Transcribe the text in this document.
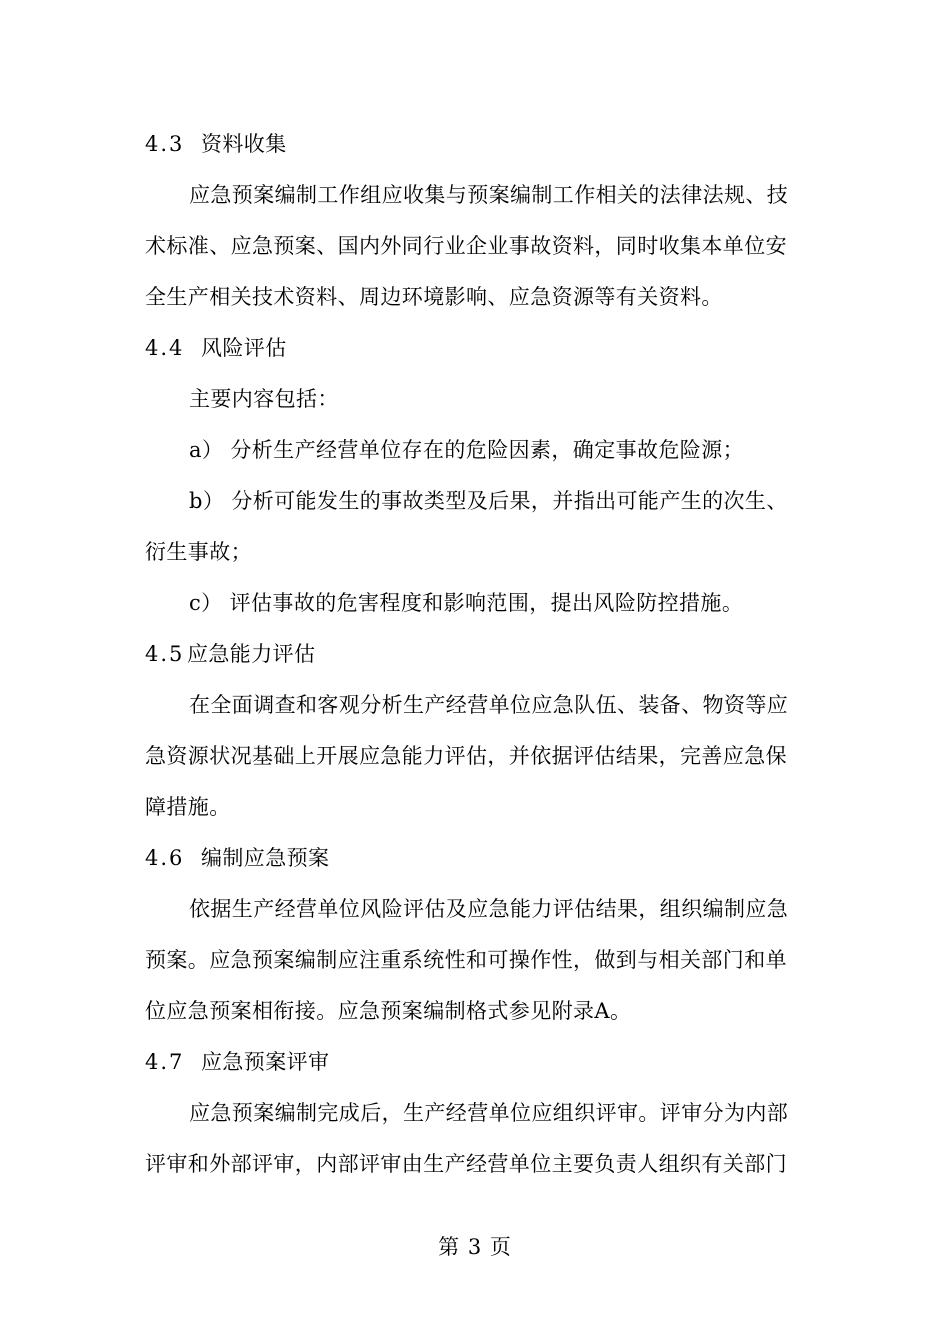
4.3 资料收集
应急预案编制工作组应收集与预案编制工作相关的法律法规、技
术标准、应急预案、国内外同行业企业事故资料，同时收集本单位安
全生产相关技术资料、周边环境影响、应急资源等有关资料。
4.4 风险评估
主要内容包括：
a） 分析生产经营单位存在的危险因素，确定事故危险源；
b） 分析可能发生的事故类型及后果，并指出可能产生的次生、
衍生事故；
c） 评估事故的危害程度和影响范围，提出风险防控措施。
4.5 应急能力评估
在全面调查和客观分析生产经营单位应急队伍、装备、物资等应
急资源状况基础上开展应急能力评估，并依据评估结果，完善应急保
障措施。
4.6 编制应急预案
依据生产经营单位风险评估及应急能力评估结果，组织编制应急
预案。应急预案编制应注重系统性和可操作性，做到与相关部门和单
位应急预案相衔接。应急预案编制格式参见附录A。
4.7 应急预案评审
应急预案编制完成后，生产经营单位应组织评审。评审分为内部
评审和外部评审，内部评审由生产经营单位主要负责人组织有关部门
第 3 页
